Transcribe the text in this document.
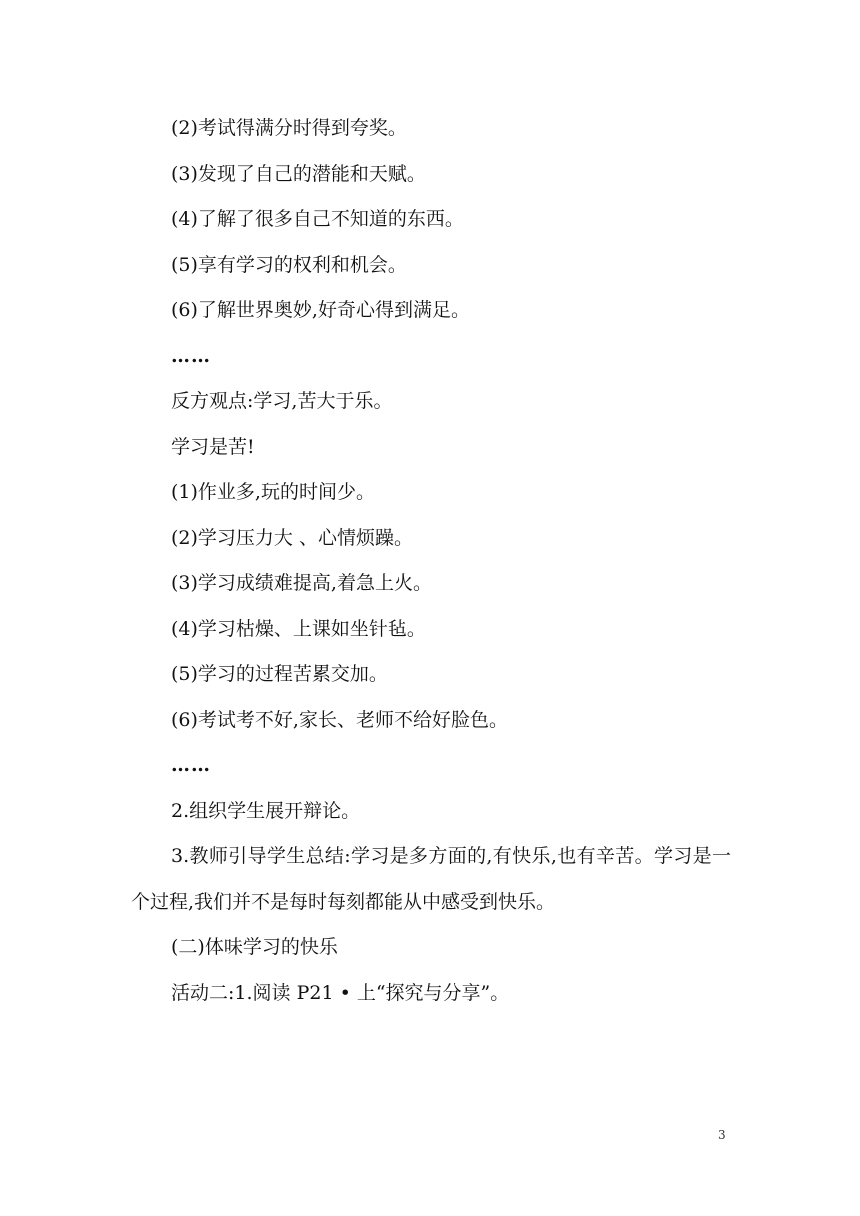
(2)考试得满分时得到夸奖。
(3)发现了自己的潜能和天赋。
(4)了解了很多自己不知道的东西。
(5)享有学习的权利和机会。
(6)了解世界奥妙,好奇心得到满足。
……
反方观点:学习,苦大于乐。
学习是苦!
(1)作业多,玩的时间少。
(2)学习压力大 、心情烦躁。
(3)学习成绩难提高,着急上火。
(4)学习枯燥、上课如坐针毡。
(5)学习的过程苦累交加。
(6)考试考不好,家长、老师不给好脸色。
……
2.组织学生展开辩论。
3.教师引导学生总结:学习是多方面的,有快乐,也有辛苦。学习是一个过程,我们并不是每时每刻都能从中感受到快乐。
(二)体味学习的快乐
活动二:1.阅读 P21 • 上“探究与分享”。
3
